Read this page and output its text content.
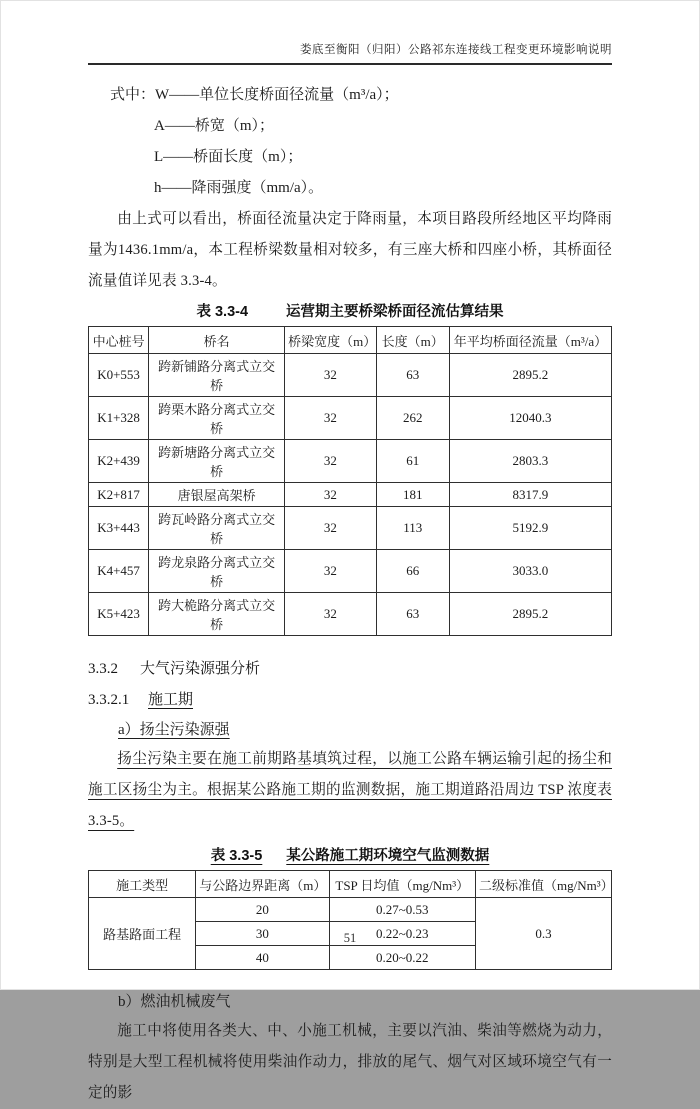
娄底至衡阳（归阳）公路祁东连接线工程变更环境影响说明
式中：W——单位长度桥面径流量（m³/a）；
A——桥宽（m）；
L——桥面长度（m）；
h——降雨强度（mm/a）。

由上式可以看出，桥面径流量决定于降雨量，本项目路段所经地区平均降雨量为1436.1mm/a，本工程桥梁数量相对较多，有三座大桥和四座小桥，其桥面径流量值详见表 3.3-4。

表 3.3-4	运营期主要桥梁桥面径流估算结果
中心桩号	桥名	桥梁宽度（m）	长度（m）	年平均桥面径流量（m³/a）
K0+553	跨新铺路分离式立交桥	32	63	2895.2
K1+328	跨栗木路分离式立交桥	32	262	12040.3
K2+439	跨新塘路分离式立交桥	32	61	2803.3
K2+817	唐银屋高架桥	32	181	8317.9
K3+443	跨瓦岭路分离式立交桥	32	113	5192.9
K4+457	跨龙泉路分离式立交桥	32	66	3033.0
K5+423	跨大桅路分离式立交桥	32	63	2895.2
3.3.2 大气污染源强分析
3.3.2.1 施工期
a）扬尘污染源强

扬尘污染主要在施工前期路基填筑过程，以施工公路车辆运输引起的扬尘和施工区扬尘为主。根据某公路施工期的监测数据，施工期道路沿周边 TSP 浓度表 3.3-5。

表 3.3-5 某公路施工期环境空气监测数据
施工类型	与公路边界距离（m）	TSP 日均值（mg/Nm³）	二级标准值（mg/Nm³）
路基路面工程	20	0.27~0.53	0.3
	30	0.22~0.23	
	40	0.20~0.22	
b）燃油机械废气

施工中将使用各类大、中、小施工机械，主要以汽油、柴油等燃烧为动力，特别是大型工程机械将使用柴油作动力，排放的尾气、烟气对区域环境空气有一定的影

51
